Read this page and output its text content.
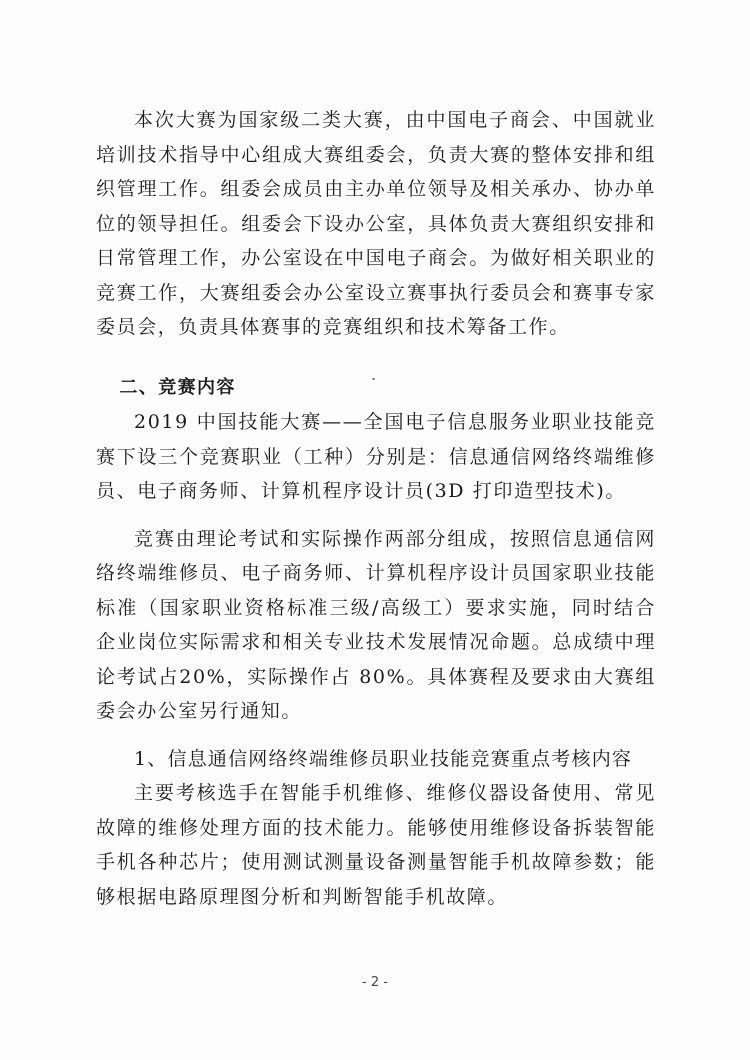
本次大赛为国家级二类大赛，由中国电子商会、中国就业培训技术指导中心组成大赛组委会，负责大赛的整体安排和组织管理工作。组委会成员由主办单位领导及相关承办、协办单位的领导担任。组委会下设办公室，具体负责大赛组织安排和日常管理工作，办公室设在中国电子商会。为做好相关职业的竞赛工作，大赛组委会办公室设立赛事执行委员会和赛事专家委员会，负责具体赛事的竞赛组织和技术筹备工作。

二、竞赛内容

2019 中国技能大赛——全国电子信息服务业职业技能竞赛下设三个竞赛职业（工种）分别是：信息通信网络终端维修员、电子商务师、计算机程序设计员(3D 打印造型技术)。

竞赛由理论考试和实际操作两部分组成，按照信息通信网络终端维修员、电子商务师、计算机程序设计员国家职业技能标准（国家职业资格标准三级/高级工）要求实施，同时结合企业岗位实际需求和相关专业技术发展情况命题。总成绩中理论考试占20%，实际操作占 80%。具体赛程及要求由大赛组委会办公室另行通知。

1、信息通信网络终端维修员职业技能竞赛重点考核内容

主要考核选手在智能手机维修、维修仪器设备使用、常见故障的维修处理方面的技术能力。能够使用维修设备拆装智能手机各种芯片；使用测试测量设备测量智能手机故障参数；能够根据电路原理图分析和判断智能手机故障。

- 2 -
